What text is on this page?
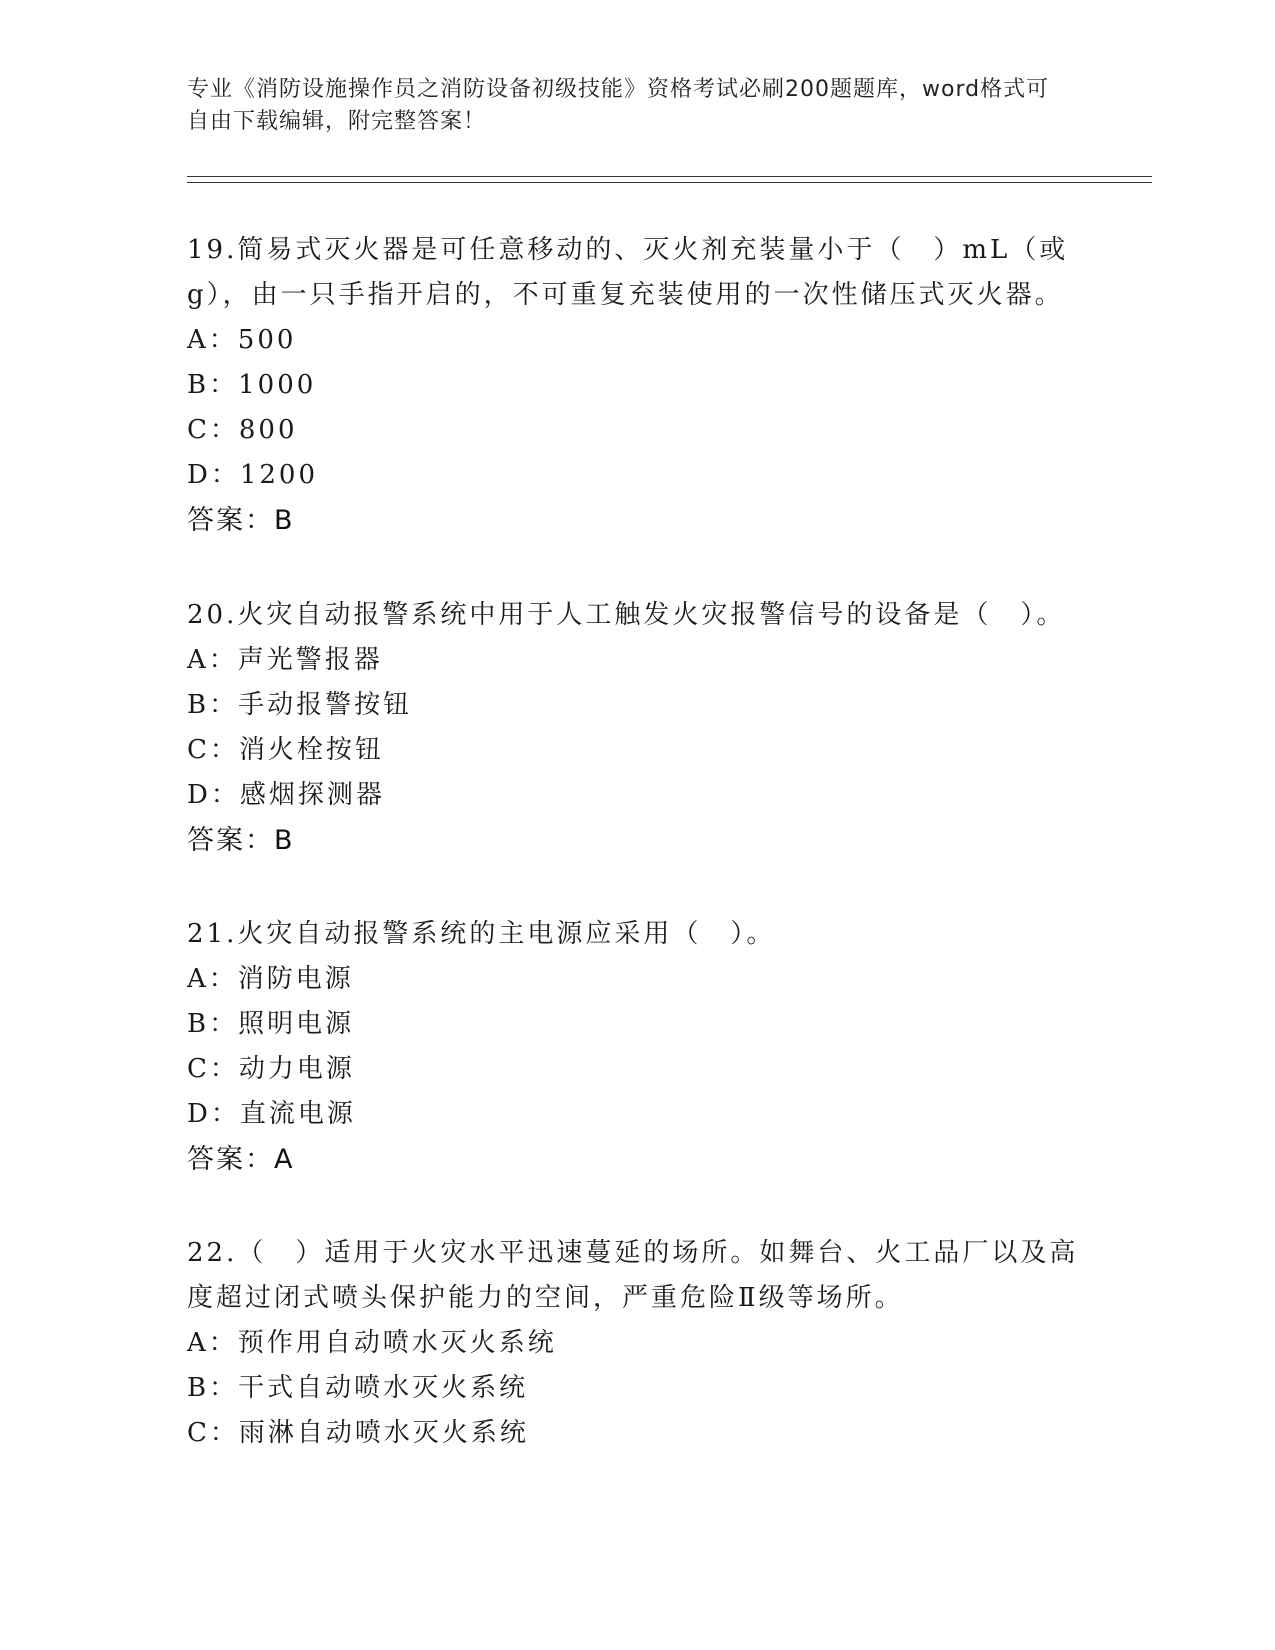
专业《消防设施操作员之消防设备初级技能》资格考试必刷200题题库，word格式可自由下载编辑，附完整答案！

19.简易式灭火器是可任意移动的、灭火剂充装量小于（　）mL（或g），由一只手指开启的，不可重复充装使用的一次性储压式灭火器。

A：500

B：1000

C：800

D：1200

答案：B

20.火灾自动报警系统中用于人工触发火灾报警信号的设备是（　）。

A：声光警报器

B：手动报警按钮

C：消火栓按钮

D：感烟探测器

答案：B

21.火灾自动报警系统的主电源应采用（　）。

A：消防电源

B：照明电源

C：动力电源

D：直流电源

答案：A

22.（　）适用于火灾水平迅速蔓延的场所。如舞台、火工品厂以及高度超过闭式喷头保护能力的空间，严重危险Ⅱ级等场所。

A：预作用自动喷水灭火系统

B：干式自动喷水灭火系统

C：雨淋自动喷水灭火系统
